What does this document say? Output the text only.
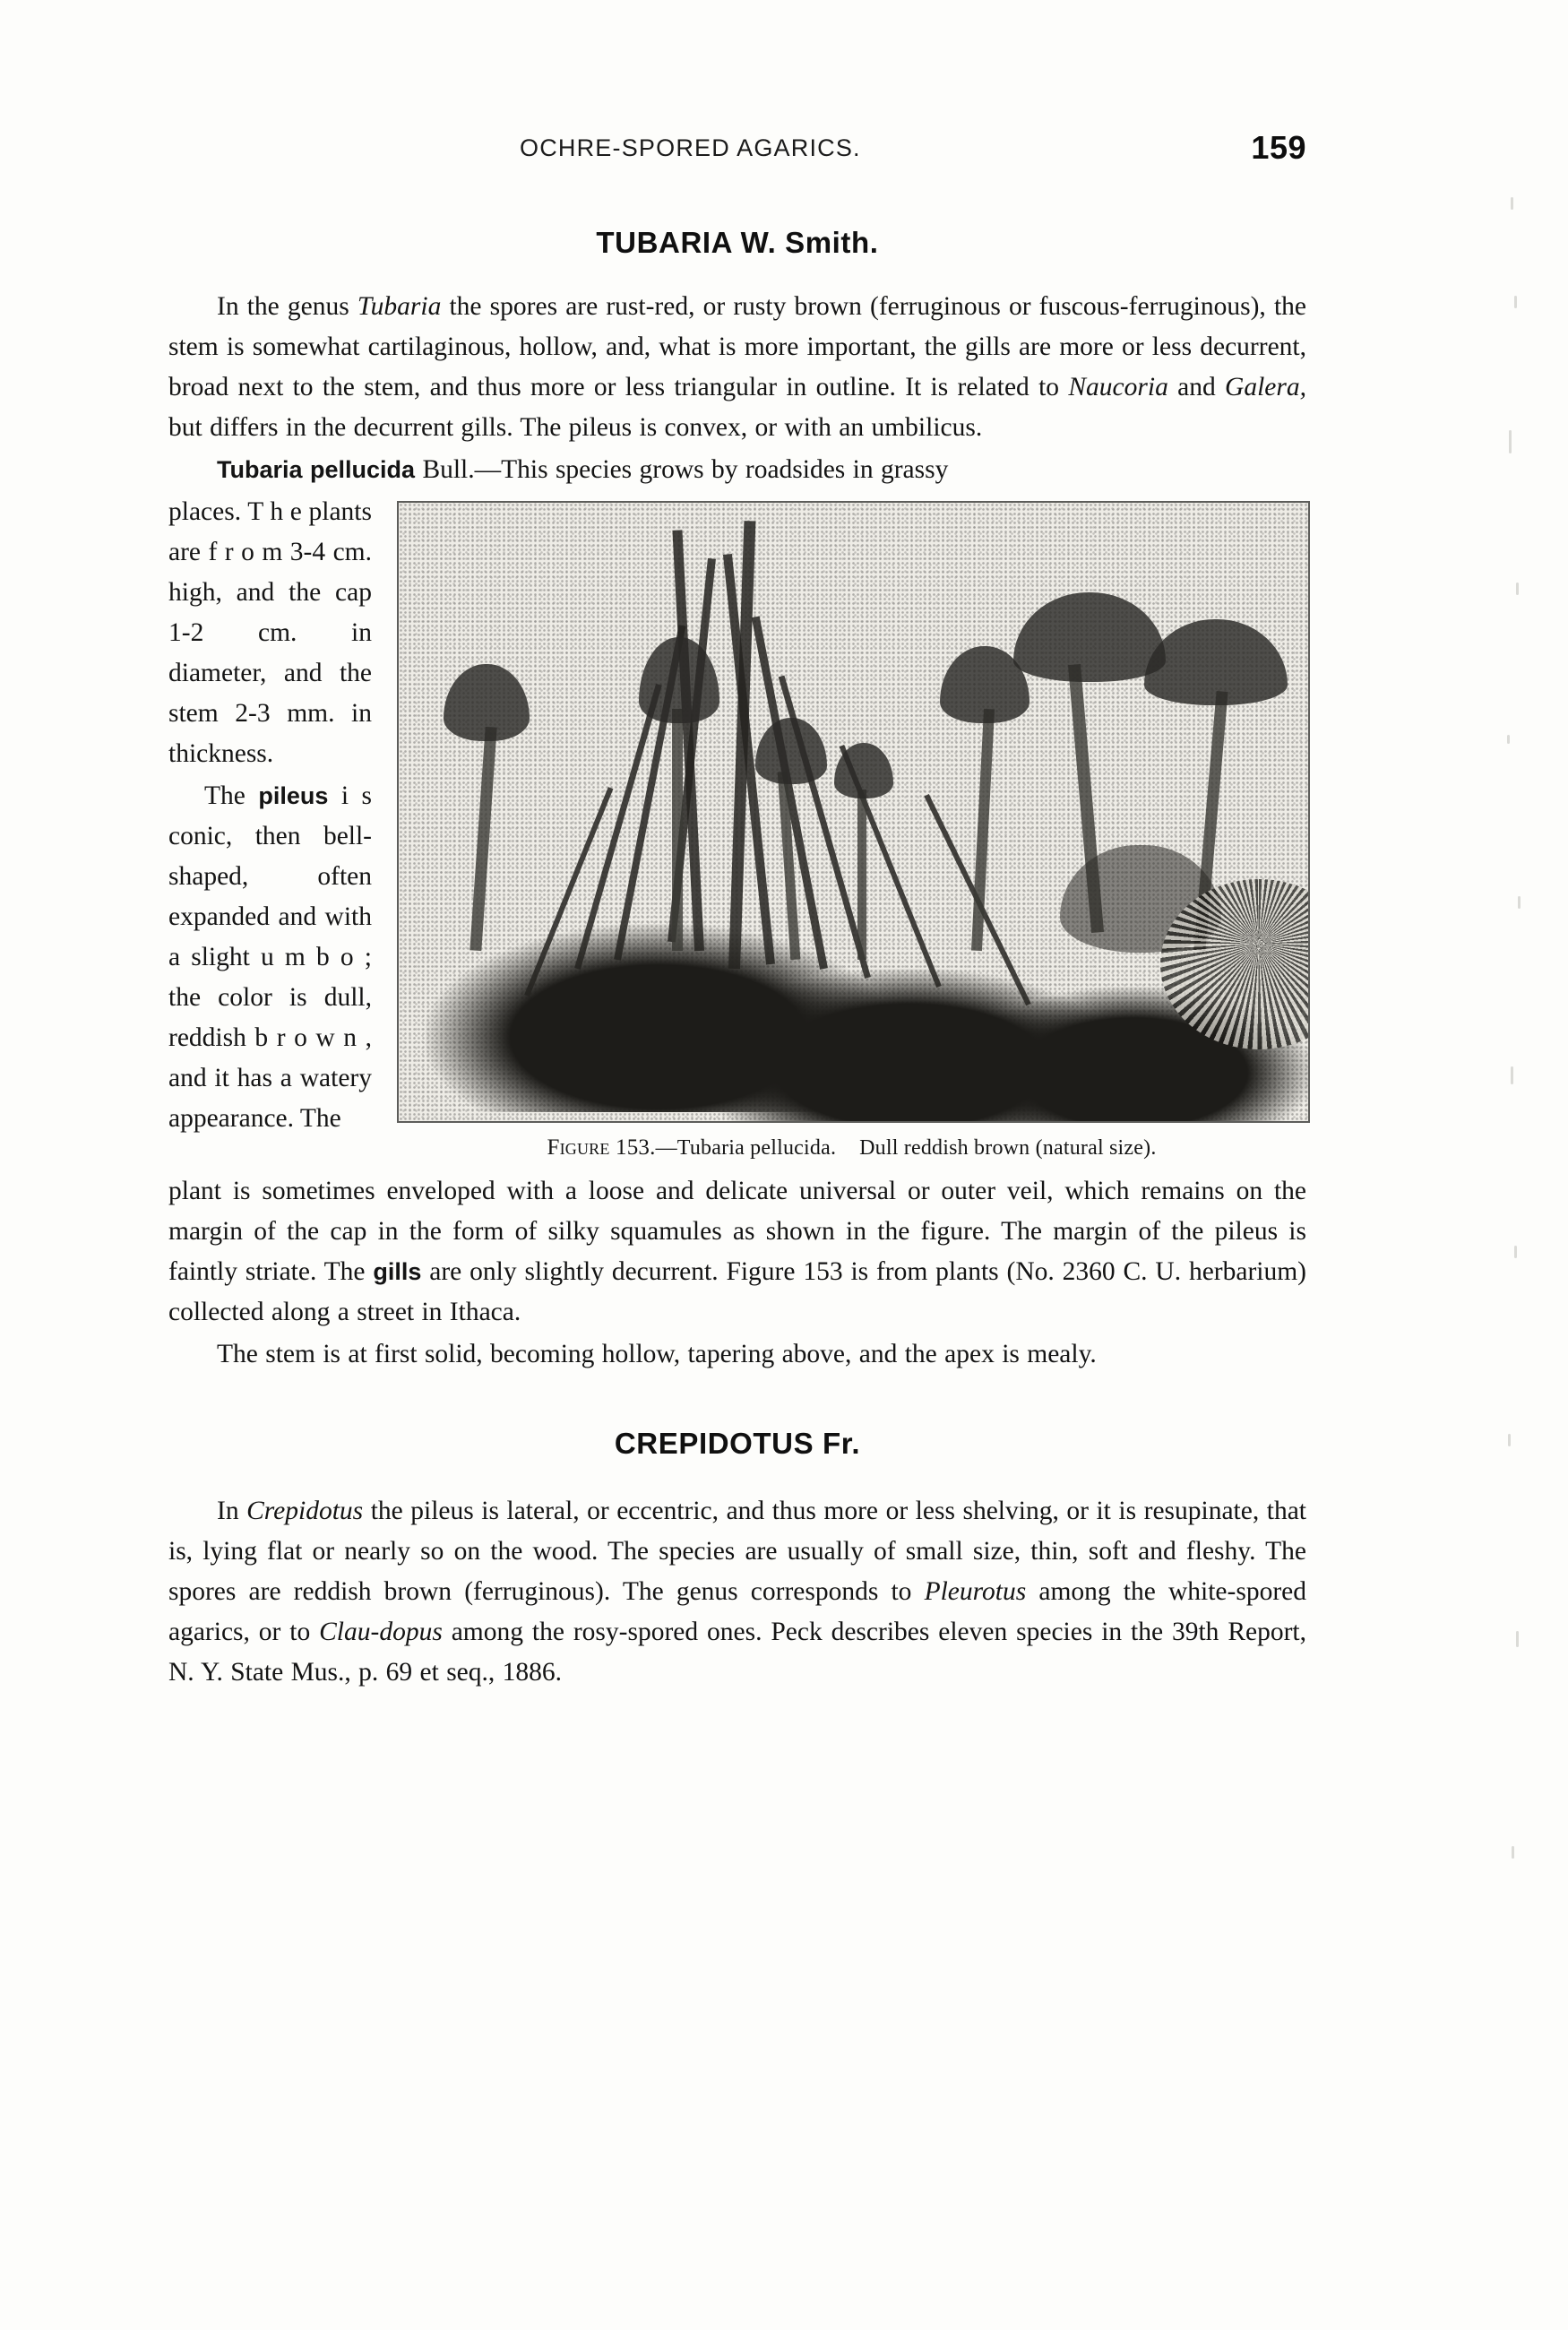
OCHRE-SPORED AGARICS.	159
TUBARIA W. Smith.

In the genus Tubaria the spores are rust-red, or rusty brown (ferruginous or fuscous-ferruginous), the stem is somewhat cartilaginous, hollow, and, what is more important, the gills are more or less decurrent, broad next to the stem, and thus more or less triangular in outline. It is related to Naucoria and Galera, but differs in the decurrent gills. The pileus is convex, or with an umbilicus.

Tubaria pellucida Bull.—This species grows by roadsides in grassy

Figure 153.—Tubaria pellucida. Dull reddish brown (natural size).

places. T h e plants are f r o m 3-4 cm. high, and the cap 1-2 cm. in diameter, and the stem 2-3 mm. in thickness.

The pileus i s conic, then bell-shaped, often expanded and with a slight u m b o ; the color is dull, reddish b r o w n , and it has a watery appearance. The

plant is sometimes enveloped with a loose and delicate universal or outer veil, which remains on the margin of the cap in the form of silky squamules as shown in the figure. The margin of the pileus is faintly striate. The gills are only slightly decurrent. Figure 153 is from plants (No. 2360 C. U. herbarium) collected along a street in Ithaca.

The stem is at first solid, becoming hollow, tapering above, and the apex is mealy.

CREPIDOTUS Fr.

In Crepidotus the pileus is lateral, or eccentric, and thus more or less shelving, or it is resupinate, that is, lying flat or nearly so on the wood. The species are usually of small size, thin, soft and fleshy. The spores are reddish brown (ferruginous). The genus corresponds to Pleurotus among the white-spored agarics, or to Clau-dopus among the rosy-spored ones. Peck describes eleven species in the 39th Report, N. Y. State Mus., p. 69 et seq., 1886.
